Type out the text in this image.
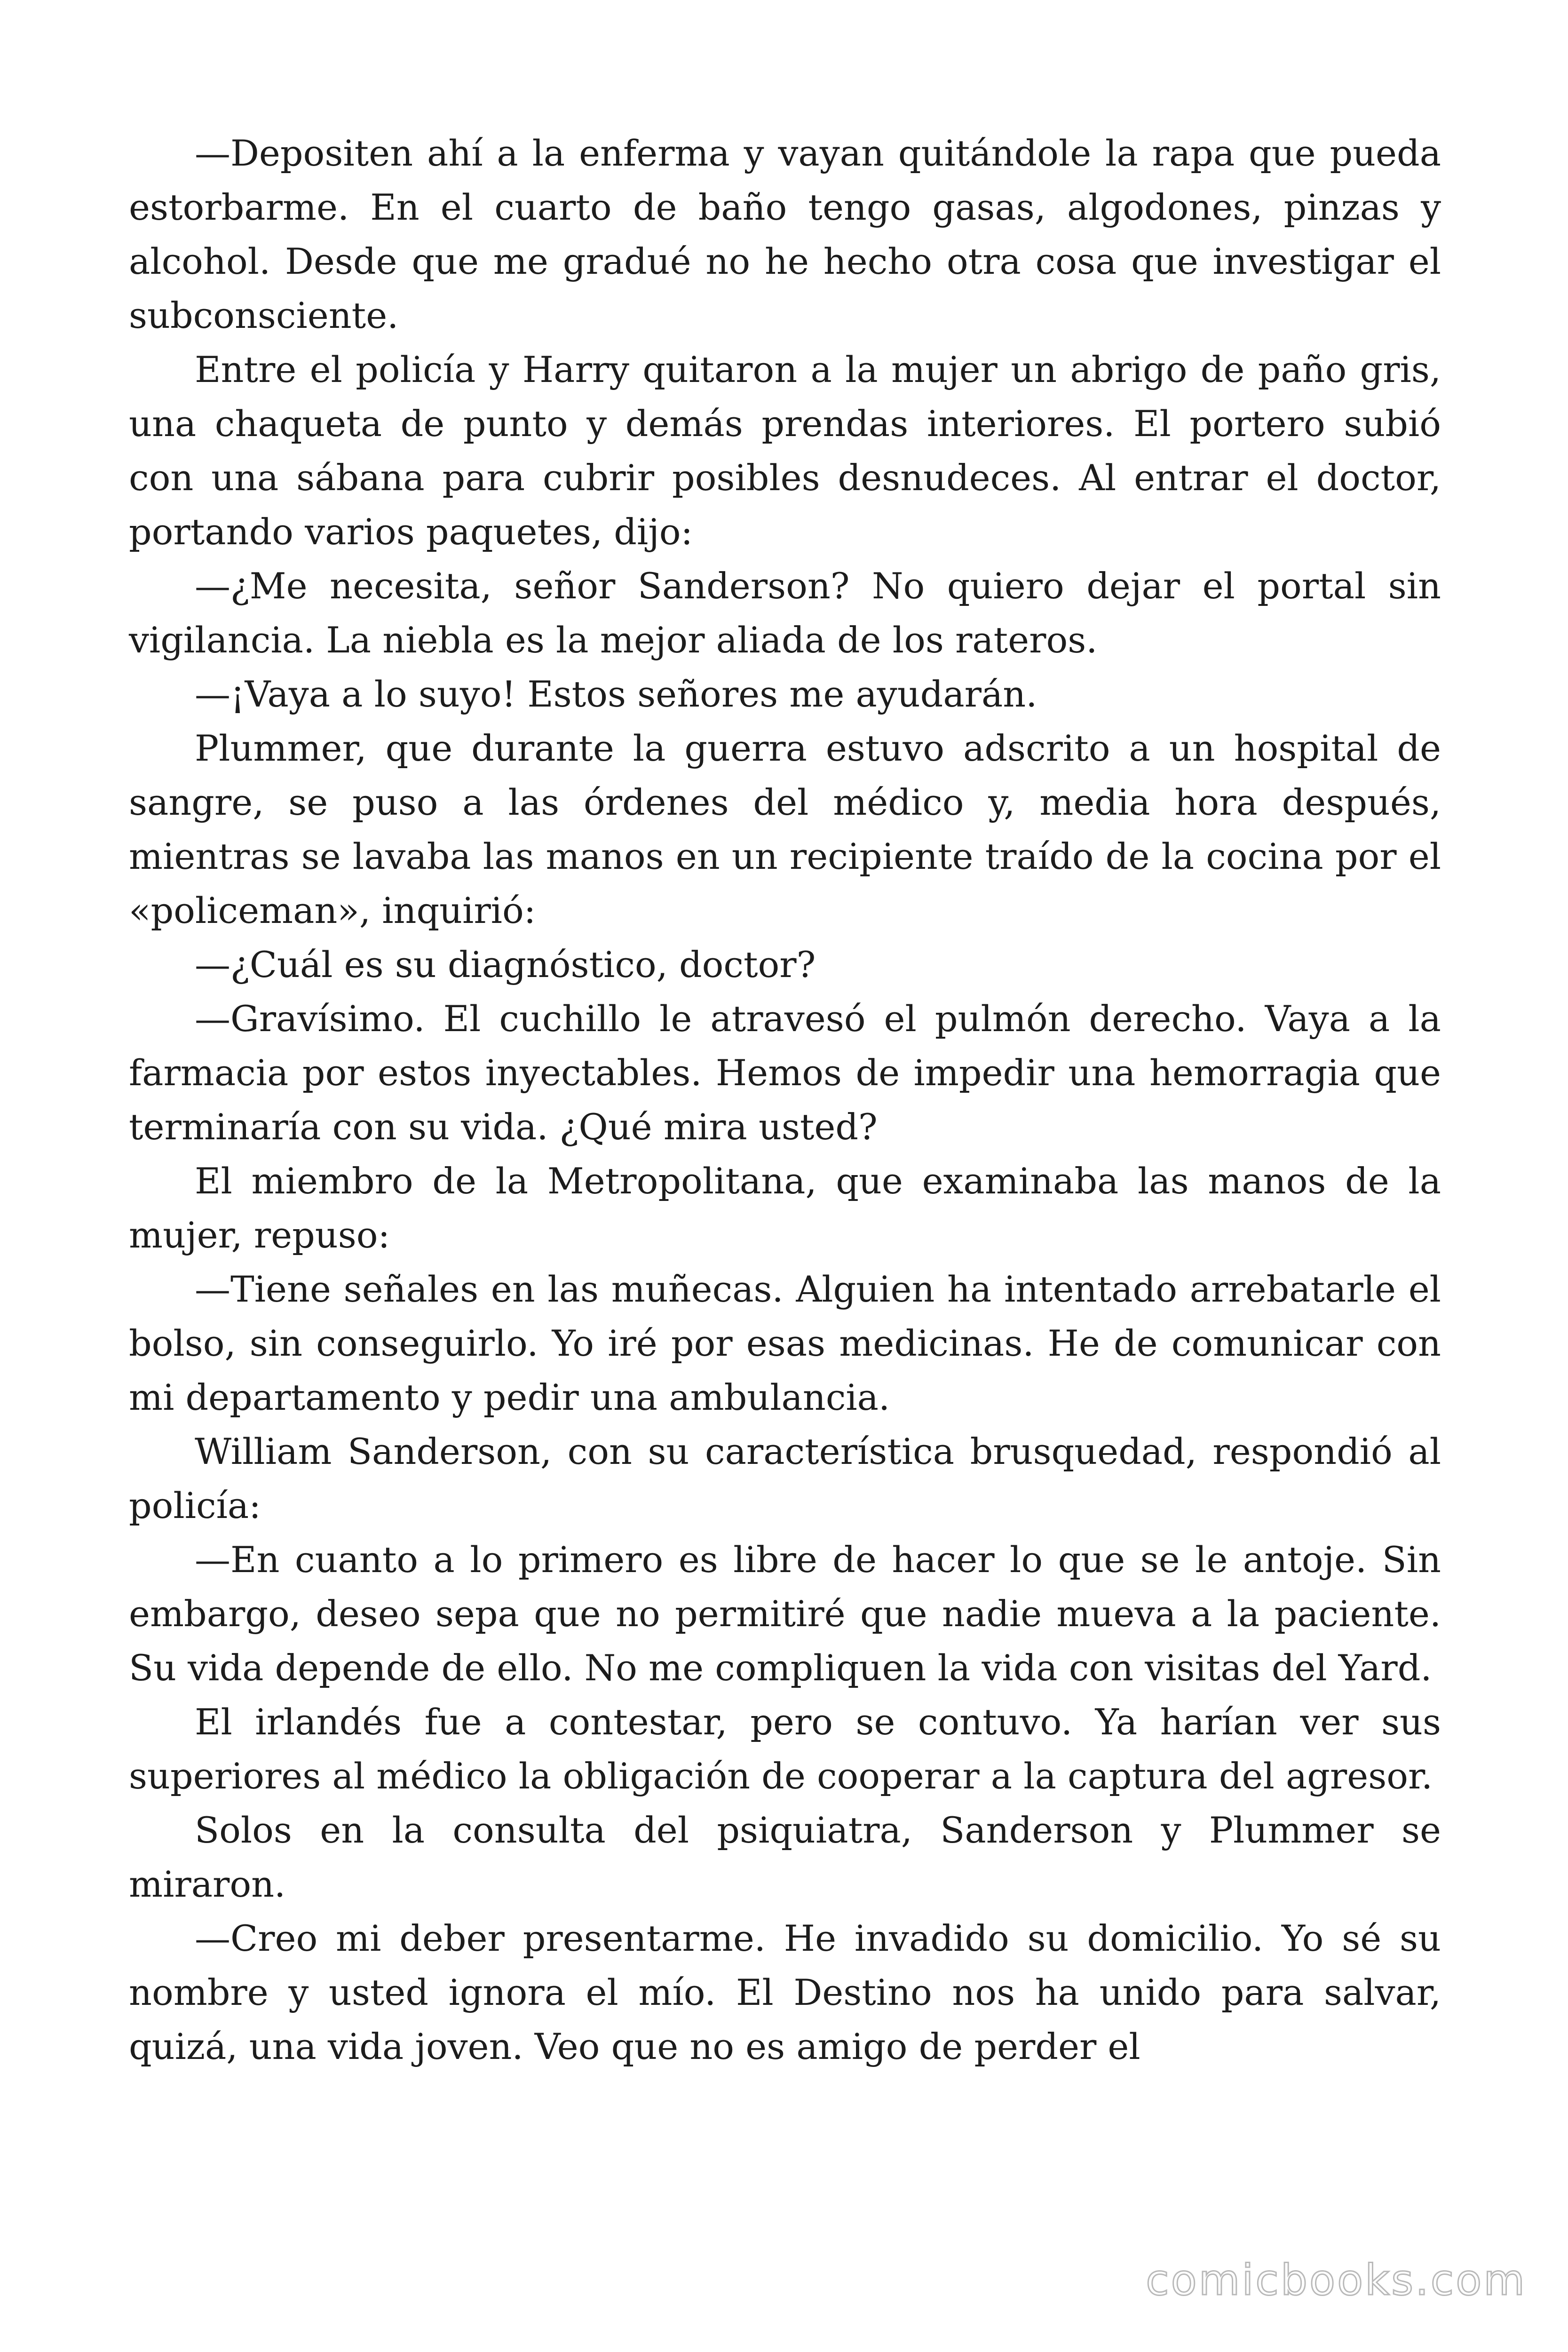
—Depositen ahí a la enferma y vayan quitándole la rapa que pueda estorbarme. En el cuarto de baño tengo gasas, algodones, pinzas y alcohol. Desde que me gradué no he hecho otra cosa que investigar el subconsciente.

Entre el policía y Harry quitaron a la mujer un abrigo de paño gris, una chaqueta de punto y demás prendas interiores. El portero subió con una sábana para cubrir posibles desnudeces. Al entrar el doctor, portando varios paquetes, dijo:

—¿Me necesita, señor Sanderson? No quiero dejar el portal sin vigilancia. La niebla es la mejor aliada de los rateros.

—¡Vaya a lo suyo! Estos señores me ayudarán.

Plummer, que durante la guerra estuvo adscrito a un hospital de sangre, se puso a las órdenes del médico y, media hora después, mientras se lavaba las manos en un recipiente traído de la cocina por el «policeman», inquirió:

—¿Cuál es su diagnóstico, doctor?

—Gravísimo. El cuchillo le atravesó el pulmón derecho. Vaya a la farmacia por estos inyectables. Hemos de impedir una hemorragia que terminaría con su vida. ¿Qué mira usted?

El miembro de la Metropolitana, que examinaba las manos de la mujer, repuso:

—Tiene señales en las muñecas. Alguien ha intentado arrebatarle el bolso, sin conseguirlo. Yo iré por esas medicinas. He de comunicar con mi departamento y pedir una ambulancia.

William Sanderson, con su característica brusquedad, respondió al policía:

—En cuanto a lo primero es libre de hacer lo que se le antoje. Sin embargo, deseo sepa que no permitiré que nadie mueva a la paciente. Su vida depende de ello. No me compliquen la vida con visitas del Yard.

El irlandés fue a contestar, pero se contuvo. Ya harían ver sus superiores al médico la obligación de cooperar a la captura del agresor.

Solos en la consulta del psiquiatra, Sanderson y Plummer se miraron.

—Creo mi deber presentarme. He invadido su domicilio. Yo sé su nombre y usted ignora el mío. El Destino nos ha unido para salvar, quizá, una vida joven. Veo que no es amigo de perder el

comicbooks.com
